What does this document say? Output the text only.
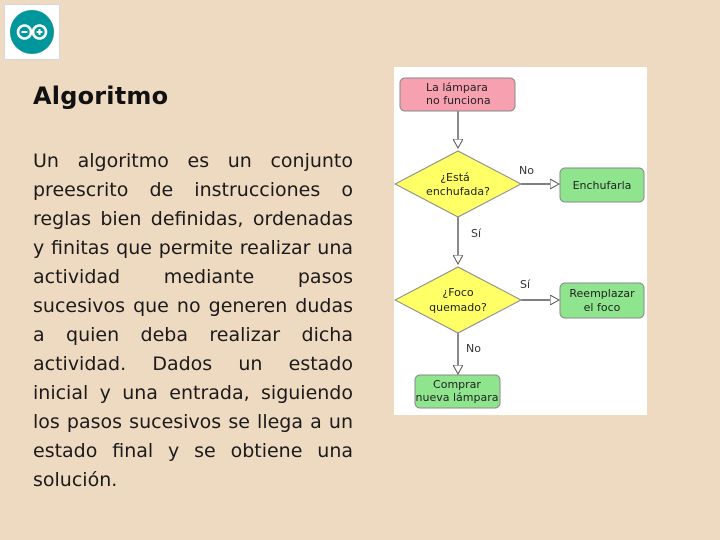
Algoritmo
Un algoritmo es un conjunto preescrito de instrucciones o reglas bien definidas, ordenadas y finitas que permite realizar una actividad mediante pasos sucesivos que no generen dudas a quien deba realizar dicha actividad. Dados un estado inicial y una entrada, siguiendo los pasos sucesivos se llega a un estado final y se obtiene una solución.
La lámpara
no funciona
¿Está
enchufada?	Enchufarla
¿Foco
quemado?
Reemplazar
el foco
Comprar
nueva lámpara
No
Sí
Sí
No
